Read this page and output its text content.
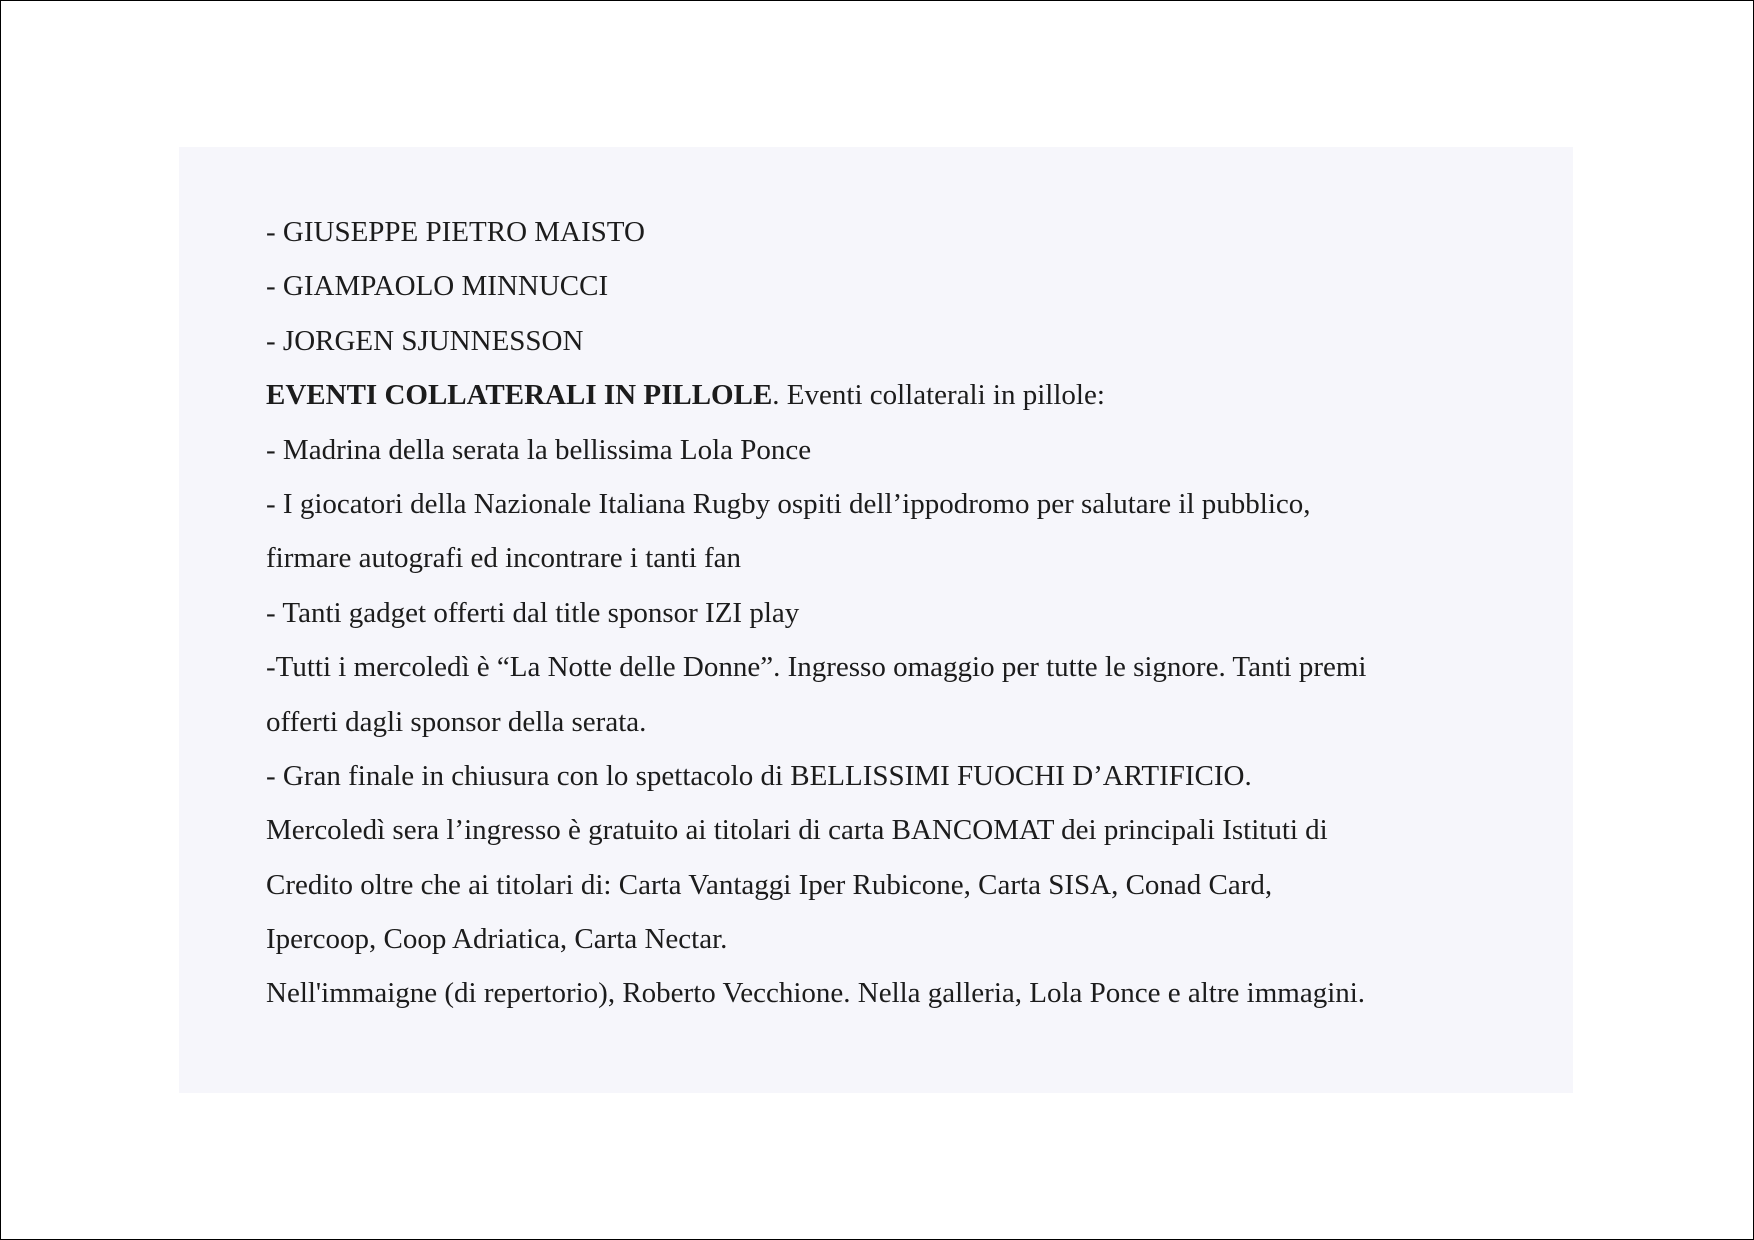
- GIUSEPPE PIETRO MAISTO
- GIAMPAOLO MINNUCCI
- JORGEN SJUNNESSON
EVENTI COLLATERALI IN PILLOLE. Eventi collaterali in pillole:
- Madrina della serata la bellissima Lola Ponce
- I giocatori della Nazionale Italiana Rugby ospiti dell’ippodromo per salutare il pubblico,
firmare autografi ed incontrare i tanti fan
- Tanti gadget offerti dal title sponsor IZI play
-Tutti i mercoledì è “La Notte delle Donne”. Ingresso omaggio per tutte le signore. Tanti premi
offerti dagli sponsor della serata.
- Gran finale in chiusura con lo spettacolo di BELLISSIMI FUOCHI D’ARTIFICIO.
Mercoledì sera l’ingresso è gratuito ai titolari di carta BANCOMAT dei principali Istituti di
Credito oltre che ai titolari di: Carta Vantaggi Iper Rubicone, Carta SISA, Conad Card,
Ipercoop, Coop Adriatica, Carta Nectar.
Nell'immaigne (di repertorio), Roberto Vecchione. Nella galleria, Lola Ponce e altre immagini.
